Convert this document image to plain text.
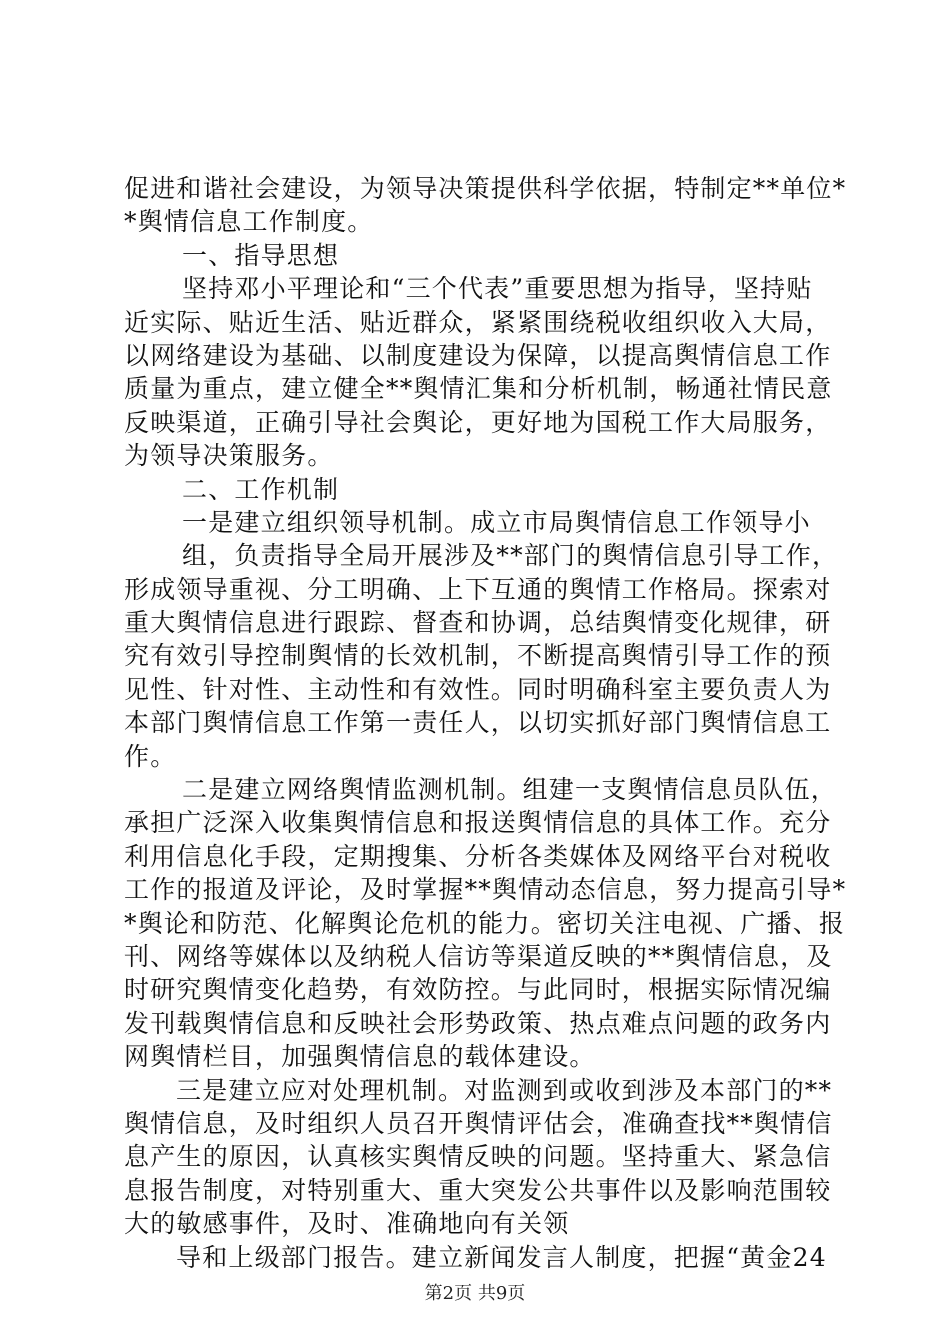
促进和谐社会建设，为领导决策提供科学依据，特制定**单位*
*舆情信息工作制度。
一、指导思想
坚持邓小平理论和“三个代表”重要思想为指导，坚持贴
近实际、贴近生活、贴近群众，紧紧围绕税收组织收入大局，
以网络建设为基础、以制度建设为保障，以提高舆情信息工作
质量为重点，建立健全**舆情汇集和分析机制，畅通社情民意
反映渠道，正确引导社会舆论，更好地为国税工作大局服务，
为领导决策服务。
二、工作机制
一是建立组织领导机制。成立市局舆情信息工作领导小
组，负责指导全局开展涉及**部门的舆情信息引导工作，
形成领导重视、分工明确、上下互通的舆情工作格局。探索对
重大舆情信息进行跟踪、督查和协调，总结舆情变化规律，研
究有效引导控制舆情的长效机制，不断提高舆情引导工作的预
见性、针对性、主动性和有效性。同时明确科室主要负责人为
本部门舆情信息工作第一责任人，以切实抓好部门舆情信息工
作。
二是建立网络舆情监测机制。组建一支舆情信息员队伍，
承担广泛深入收集舆情信息和报送舆情信息的具体工作。充分
利用信息化手段，定期搜集、分析各类媒体及网络平台对税收
工作的报道及评论，及时掌握**舆情动态信息，努力提高引导*
*舆论和防范、化解舆论危机的能力。密切关注电视、广播、报
刊、网络等媒体以及纳税人信访等渠道反映的**舆情信息，及
时研究舆情变化趋势，有效防控。与此同时，根据实际情况编
发刊载舆情信息和反映社会形势政策、热点难点问题的政务内
网舆情栏目，加强舆情信息的载体建设。
三是建立应对处理机制。对监测到或收到涉及本部门的**
舆情信息，及时组织人员召开舆情评估会，准确查找**舆情信
息产生的原因，认真核实舆情反映的问题。坚持重大、紧急信
息报告制度，对特别重大、重大突发公共事件以及影响范围较
大的敏感事件，及时、准确地向有关领
导和上级部门报告。建立新闻发言人制度，把握“黄金24
第2页 共9页
